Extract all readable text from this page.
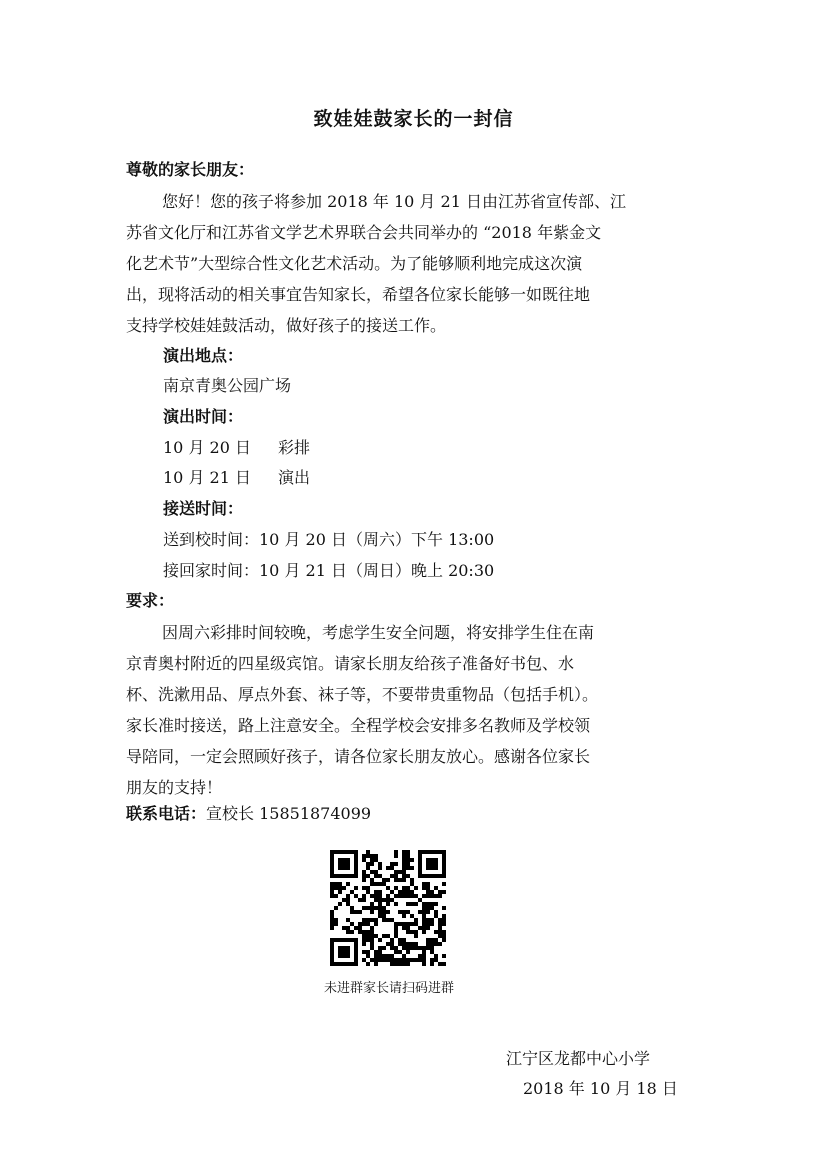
致娃娃鼓家长的一封信
尊敬的家长朋友：
您好！您的孩子将参加 2018 年 10 月 21 日由江苏省宣传部、江
苏省文化厅和江苏省文学艺术界联合会共同举办的 “2018 年紫金文
化艺术节”大型综合性文化艺术活动。为了能够顺利地完成这次演
出，现将活动的相关事宜告知家长，希望各位家长能够一如既往地
支持学校娃娃鼓活动，做好孩子的接送工作。
演出地点：
南京青奥公园广场
演出时间：
10 月 20 日 彩排
10 月 21 日 演出
接送时间：
送到校时间：10 月 20 日（周六）下午 13:00
接回家时间：10 月 21 日（周日）晚上 20:30
要求：
因周六彩排时间较晚，考虑学生安全问题，将安排学生住在南
京青奥村附近的四星级宾馆。请家长朋友给孩子准备好书包、水
杯、洗漱用品、厚点外套、袜子等，不要带贵重物品（包括手机）。
家长准时接送，路上注意安全。全程学校会安排多名教师及学校领
导陪同，一定会照顾好孩子，请各位家长朋友放心。感谢各位家长
朋友的支持！
联系电话：宣校长 15851874099
未进群家长请扫码进群
江宁区龙都中心小学
2018 年 10 月 18 日
